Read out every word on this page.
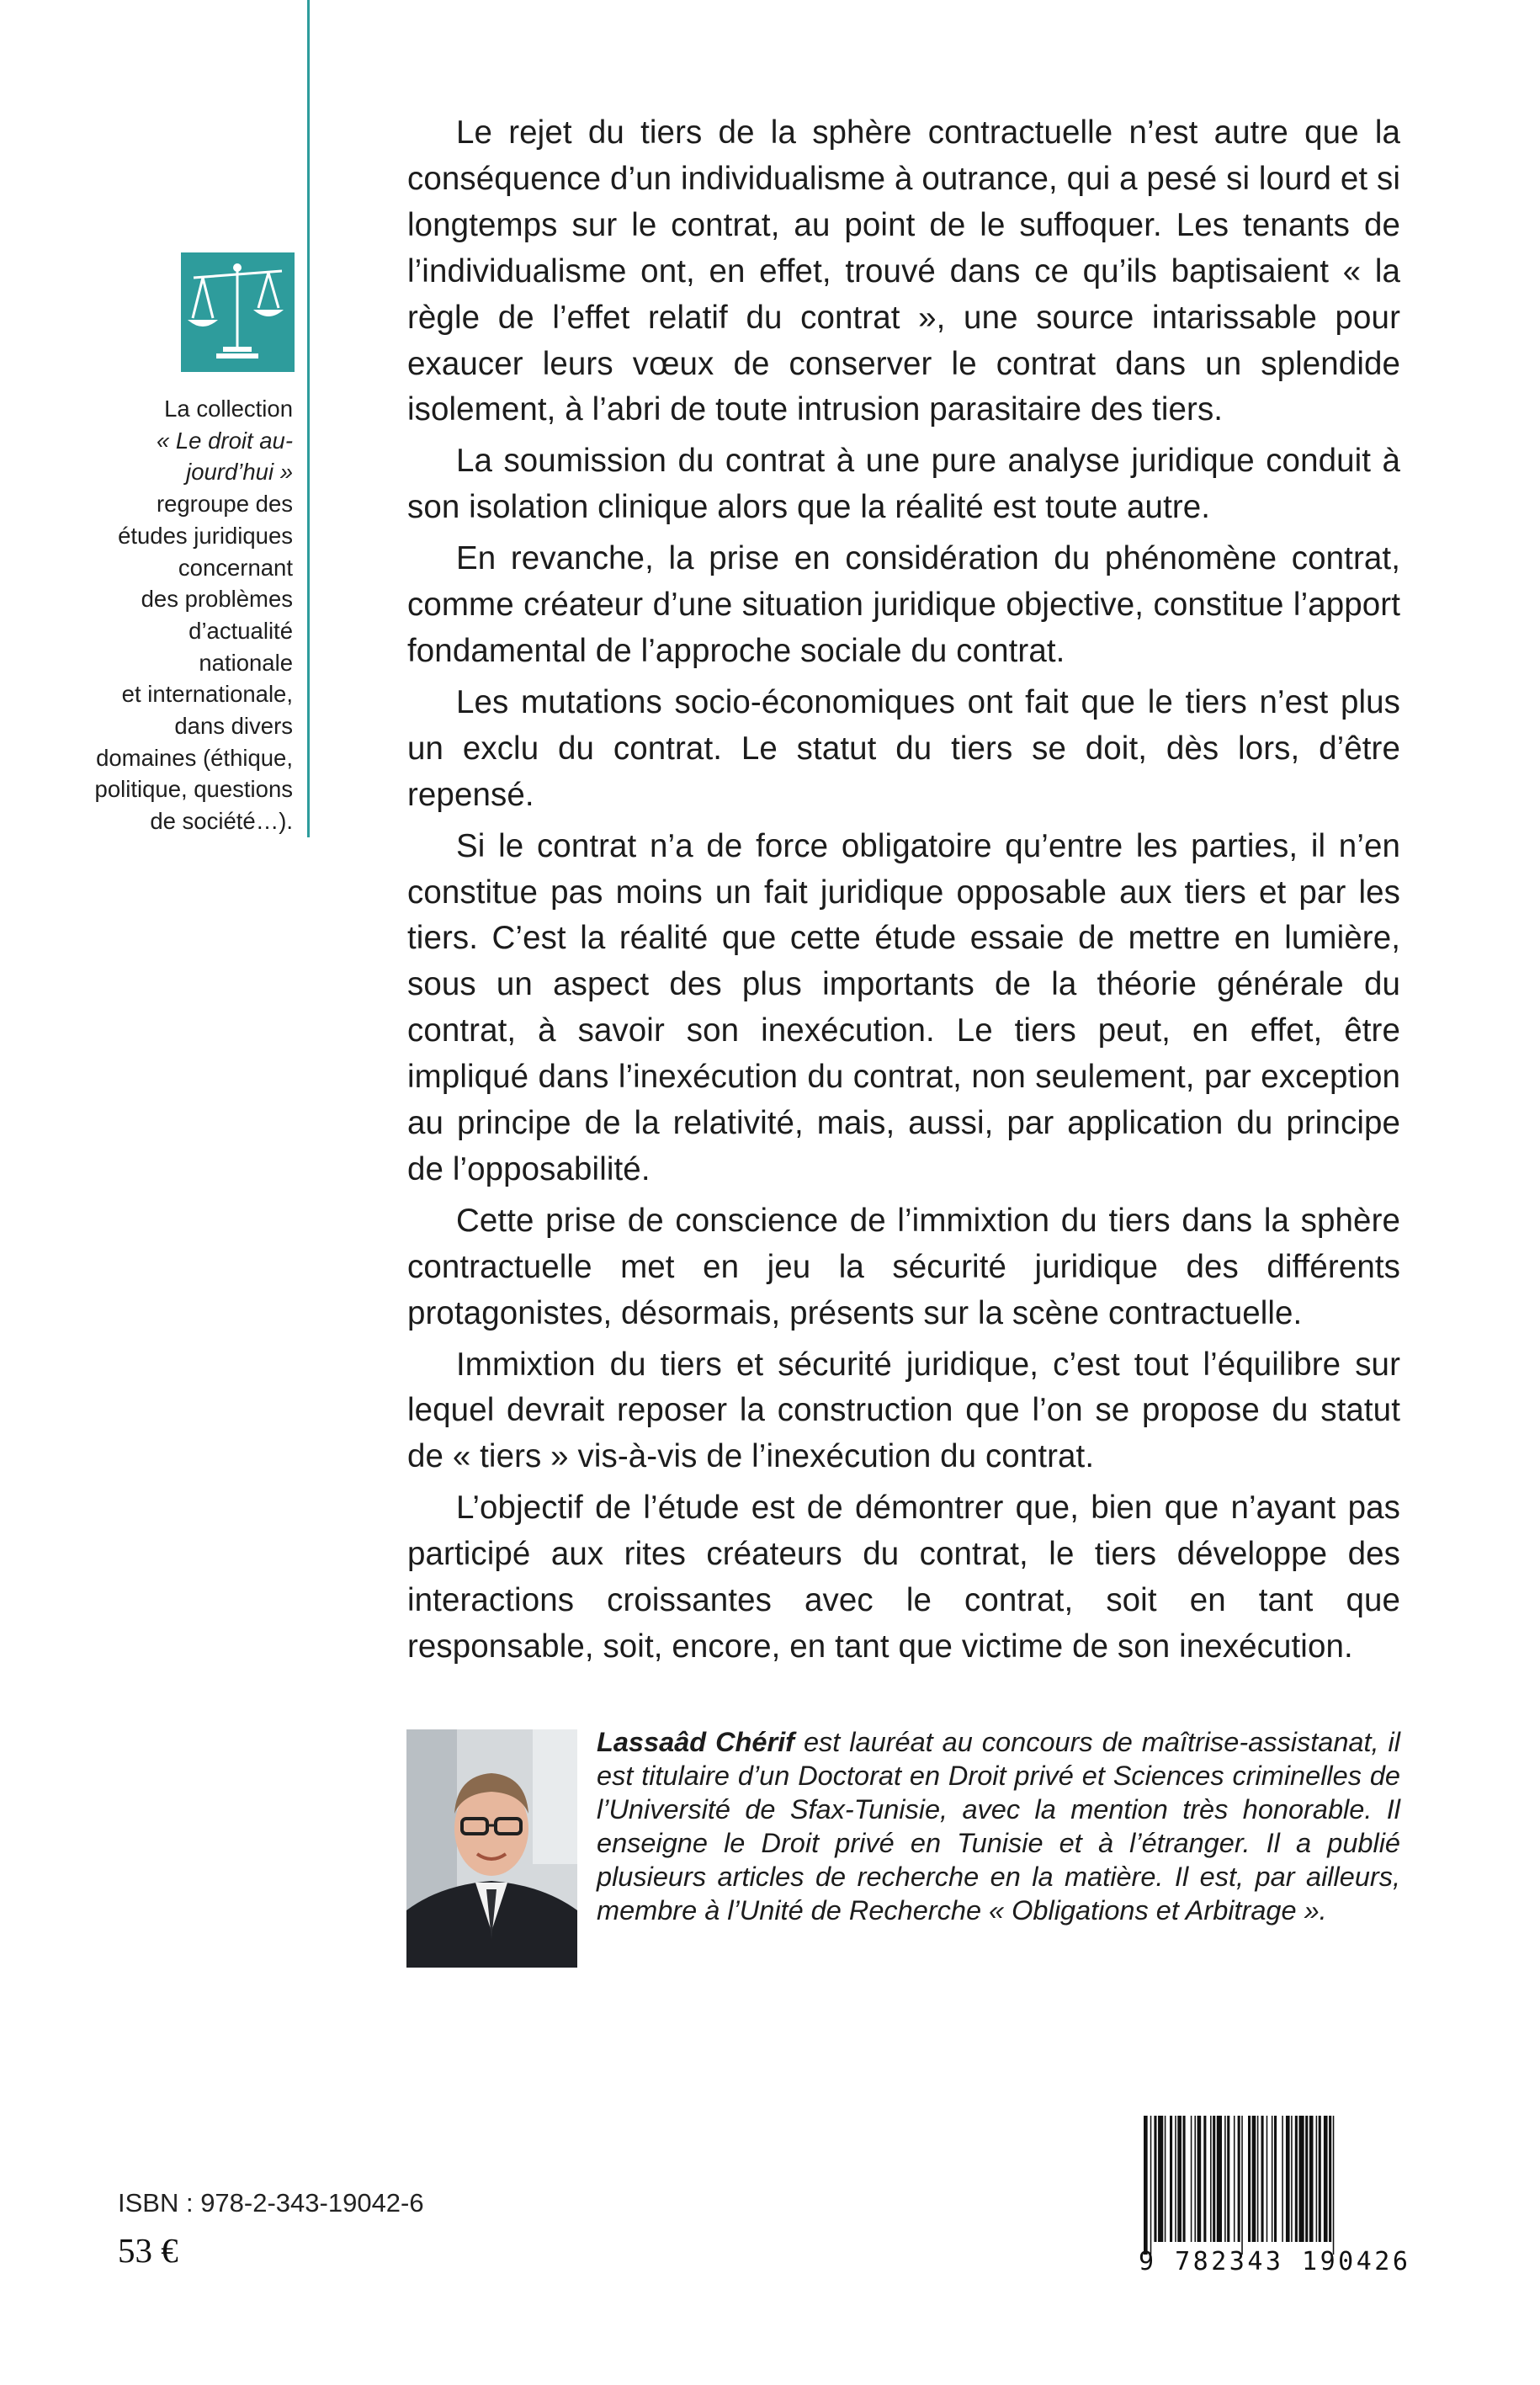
La collection
« Le droit au-
jourd’hui »
regroupe des
études juridiques
concernant
des problèmes
d’actualité
nationale
et internationale,
dans divers
domaines (éthique,
politique, questions
de société…).

Le rejet du tiers de la sphère contractuelle n’est autre que la conséquence d’un individualisme à outrance, qui a pesé si lourd et si longtemps sur le contrat, au point de le suffoquer. Les tenants de l’individualisme ont, en effet, trouvé dans ce qu’ils baptisaient « la règle de l’effet relatif du contrat », une source intarissable pour exaucer leurs vœux de conserver le contrat dans un splendide isolement, à l’abri de toute intrusion parasitaire des tiers.

La soumission du contrat à une pure analyse juridique conduit à son isolation clinique alors que la réalité est toute autre.

En revanche, la prise en considération du phénomène contrat, comme créateur d’une situation juridique objective, constitue l’apport fondamental de l’approche sociale du contrat.

Les mutations socio-économiques ont fait que le tiers n’est plus un exclu du contrat. Le statut du tiers se doit, dès lors, d’être repensé.

Si le contrat n’a de force obligatoire qu’entre les parties, il n’en constitue pas moins un fait juridique opposable aux tiers et par les tiers. C’est la réalité que cette étude essaie de mettre en lumière, sous un aspect des plus importants de la théorie générale du contrat, à savoir son inexécution. Le tiers peut, en effet, être impliqué dans l’inexécution du contrat, non seulement, par exception au principe de la relativité, mais, aussi, par application du principe de l’opposabilité.

Cette prise de conscience de l’immixtion du tiers dans la sphère contractuelle met en jeu la sécurité juridique des différents protagonistes, désormais, présents sur la scène contractuelle.

Immixtion du tiers et sécurité juridique, c’est tout l’équilibre sur lequel devrait reposer la construction que l’on se propose du statut de « tiers » vis-à-vis de l’inexécution du contrat.

L’objectif de l’étude est de démontrer que, bien que n’ayant pas participé aux rites créateurs du contrat, le tiers développe des interactions croissantes avec le contrat, soit en tant que responsable, soit, encore, en tant que victime de son inexécution.

Lassaâd Chérif est lauréat au concours de maîtrise-assistanat, il est titulaire d’un Doctorat en Droit privé et Sciences criminelles de l’Université de Sfax-Tunisie, avec la mention très honorable. Il enseigne le Droit privé en Tunisie et à l’étranger. Il a publié plusieurs articles de recherche en la matière. Il est, par ailleurs, membre à l’Unité de Recherche « Obligations et Arbitrage ».
ISBN : 978-2-343-19042-6
53 €	9 782343 190426
